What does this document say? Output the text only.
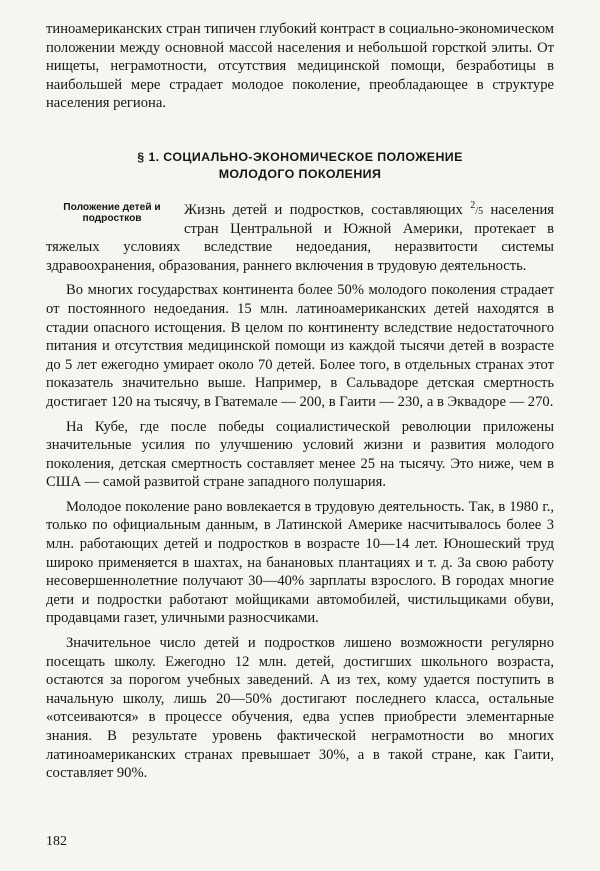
тиноамериканских стран типичен глубокий контраст в социально-экономическом положении между основной массой населения и небольшой горсткой элиты. От нищеты, неграмотности, отсутствия медицинской помощи, безработицы в наибольшей мере страдает молодое поколение, преобладающее в структуре населения региона.

§ 1. СОЦИАЛЬНО-ЭКОНОМИЧЕСКОЕ ПОЛОЖЕНИЕ
МОЛОДОГО ПОКОЛЕНИЯ
Положение детей и
подростков

Жизнь детей и подростков, составляющих $^2$/5 населения стран Центральной и Южной Америки, протекает в тяжелых условиях вследствие недоедания, неразвитости системы здравоохранения, образования, раннего включения в трудовую деятельность.

Во многих государствах континента более 50% молодого поколения страдает от постоянного недоедания. 15 млн. латиноамериканских детей находятся в стадии опасного истощения. В целом по континенту вследствие недостаточного питания и отсутствия медицинской помощи из каждой тысячи детей в возрасте до 5 лет ежегодно умирает около 70 детей. Более того, в отдельных странах этот показатель значительно выше. Например, в Сальвадоре детская смертность достигает 120 на тысячу, в Гватемале — 200, в Гаити — 230, а в Эквадоре — 270.

На Кубе, где после победы социалистической революции приложены значительные усилия по улучшению условий жизни и развития молодого поколения, детская смертность составляет менее 25 на тысячу. Это ниже, чем в США — самой развитой стране западного полушария.

Молодое поколение рано вовлекается в трудовую деятельность. Так, в 1980 г., только по официальным данным, в Латинской Америке насчитывалось более 3 млн. работающих детей и подростков в возрасте 10—14 лет. Юношеский труд широко применяется в шахтах, на банановых плантациях и т. д. За свою работу несовершеннолетние получают 30—40% зарплаты взрослого. В городах многие дети и подростки работают мойщиками автомобилей, чистильщиками обуви, продавцами газет, уличными разносчиками.

Значительное число детей и подростков лишено возможности регулярно посещать школу. Ежегодно 12 млн. детей, достигших школьного возраста, остаются за порогом учебных заведений. А из тех, кому удается поступить в начальную школу, лишь 20—50% достигают последнего класса, остальные «отсеиваются» в процессе обучения, едва успев приобрести элементарные знания. В результате уровень фактической неграмотности во многих латиноамериканских странах превышает 30%, а в такой стране, как Гаити, составляет 90%.

182
